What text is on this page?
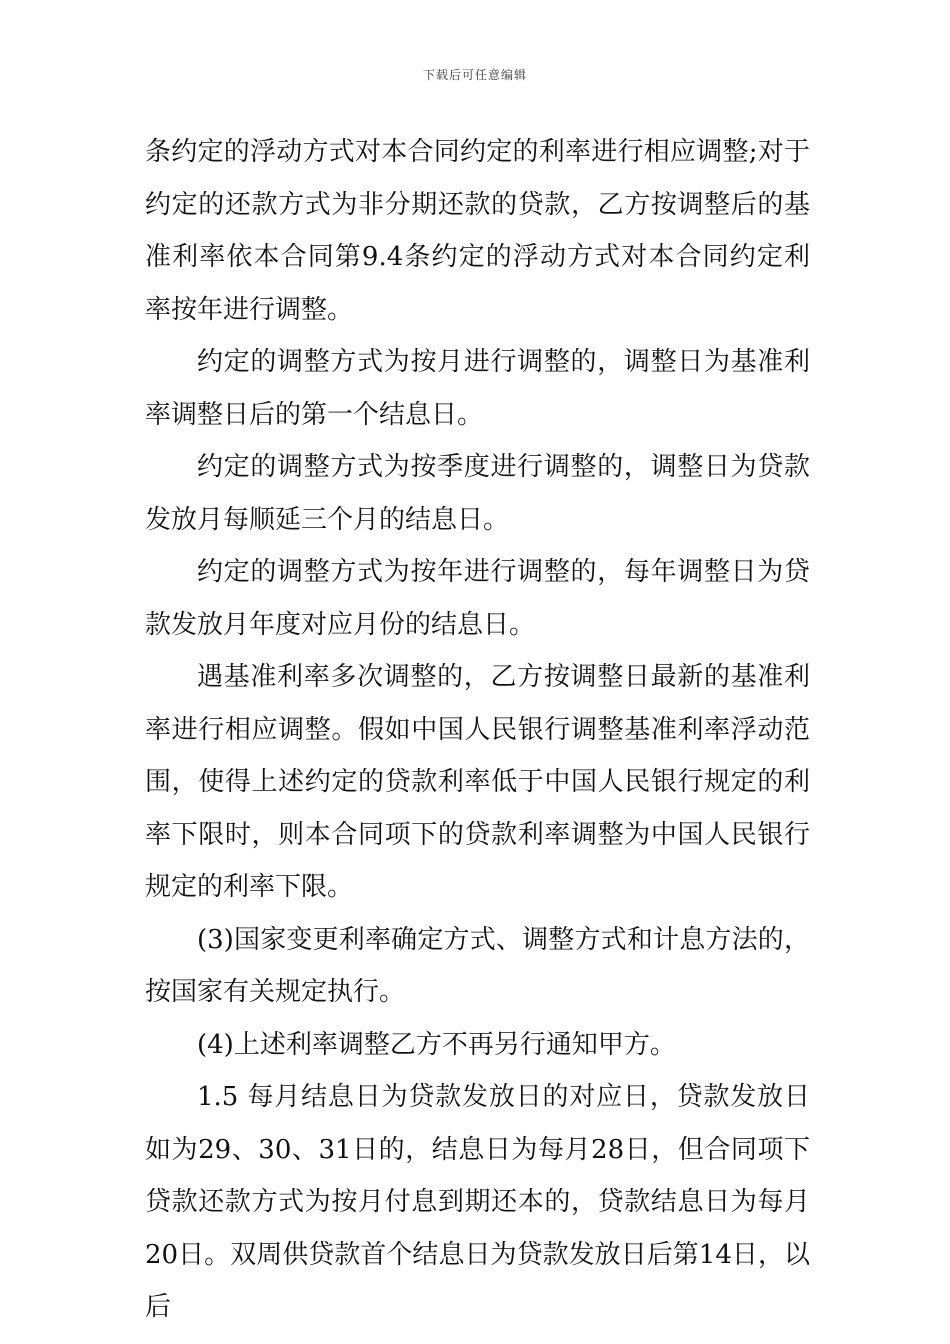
下载后可任意编辑

条约定的浮动方式对本合同约定的利率进行相应调整;对于约定的还款方式为非分期还款的贷款，乙方按调整后的基准利率依本合同第9.4条约定的浮动方式对本合同约定利率按年进行调整。

约定的调整方式为按月进行调整的，调整日为基准利率调整日后的第一个结息日。

约定的调整方式为按季度进行调整的，调整日为贷款发放月每顺延三个月的结息日。

约定的调整方式为按年进行调整的，每年调整日为贷款发放月年度对应月份的结息日。

遇基准利率多次调整的，乙方按调整日最新的基准利率进行相应调整。假如中国人民银行调整基准利率浮动范围，使得上述约定的贷款利率低于中国人民银行规定的利率下限时，则本合同项下的贷款利率调整为中国人民银行规定的利率下限。

(3)国家变更利率确定方式、调整方式和计息方法的，按国家有关规定执行。

(4)上述利率调整乙方不再另行通知甲方。

1.5 每月结息日为贷款发放日的对应日，贷款发放日如为29、30、31日的，结息日为每月28日，但合同项下贷款还款方式为按月付息到期还本的，贷款结息日为每月20日。双周供贷款首个结息日为贷款发放日后第14日，以后
